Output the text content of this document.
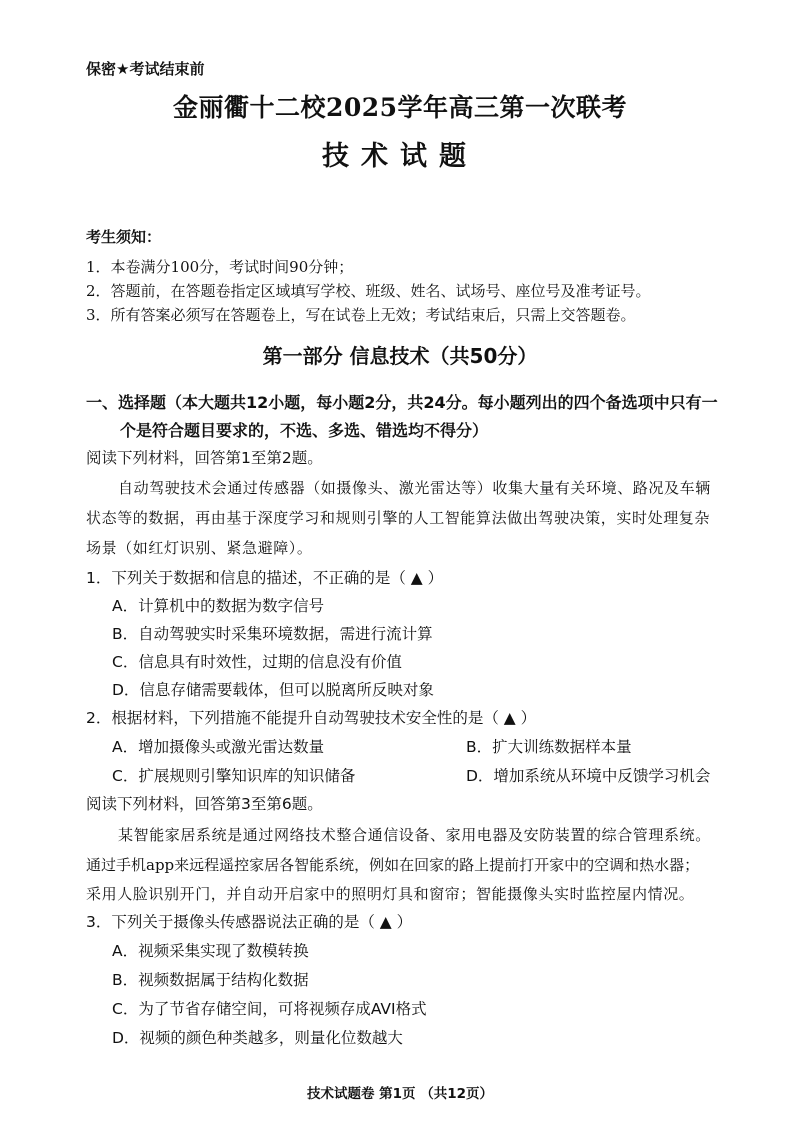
保密★考试结束前
金丽衢十二校2025学年高三第一次联考
技术试题
考生须知：
1．本卷满分100分，考试时间90分钟；
2．答题前，在答题卷指定区域填写学校、班级、姓名、试场号、座位号及准考证号。
3．所有答案必须写在答题卷上，写在试卷上无效；考试结束后，只需上交答题卷。
第一部分 信息技术（共50分）
一、选择题（本大题共12小题，每小题2分，共24分。每小题列出的四个备选项中只有一
个是符合题目要求的，不选、多选、错选均不得分）
阅读下列材料，回答第1至第2题。
自动驾驶技术会通过传感器（如摄像头、激光雷达等）收集大量有关环境、路况及车辆
状态等的数据，再由基于深度学习和规则引擎的人工智能算法做出驾驶决策，实时处理复杂
场景（如红灯识别、紧急避障）。
1．下列关于数据和信息的描述，不正确的是（ ▲ ）
A．计算机中的数据为数字信号
B．自动驾驶实时采集环境数据，需进行流计算
C．信息具有时效性，过期的信息没有价值
D．信息存储需要载体，但可以脱离所反映对象
2．根据材料，下列措施不能提升自动驾驶技术安全性的是（ ▲ ）
A．增加摄像头或激光雷达数量	B．扩大训练数据样本量
C．扩展规则引擎知识库的知识储备	D．增加系统从环境中反馈学习机会
阅读下列材料，回答第3至第6题。
某智能家居系统是通过网络技术整合通信设备、家用电器及安防装置的综合管理系统。
通过手机app来远程遥控家居各智能系统，例如在回家的路上提前打开家中的空调和热水器；
采用人脸识别开门，并自动开启家中的照明灯具和窗帘；智能摄像头实时监控屋内情况。
3．下列关于摄像头传感器说法正确的是（ ▲ ）
A．视频采集实现了数模转换
B．视频数据属于结构化数据
C．为了节省存储空间，可将视频存成AVI格式
D．视频的颜色种类越多，则量化位数越大
技术试题卷 第1页 （共12页）
